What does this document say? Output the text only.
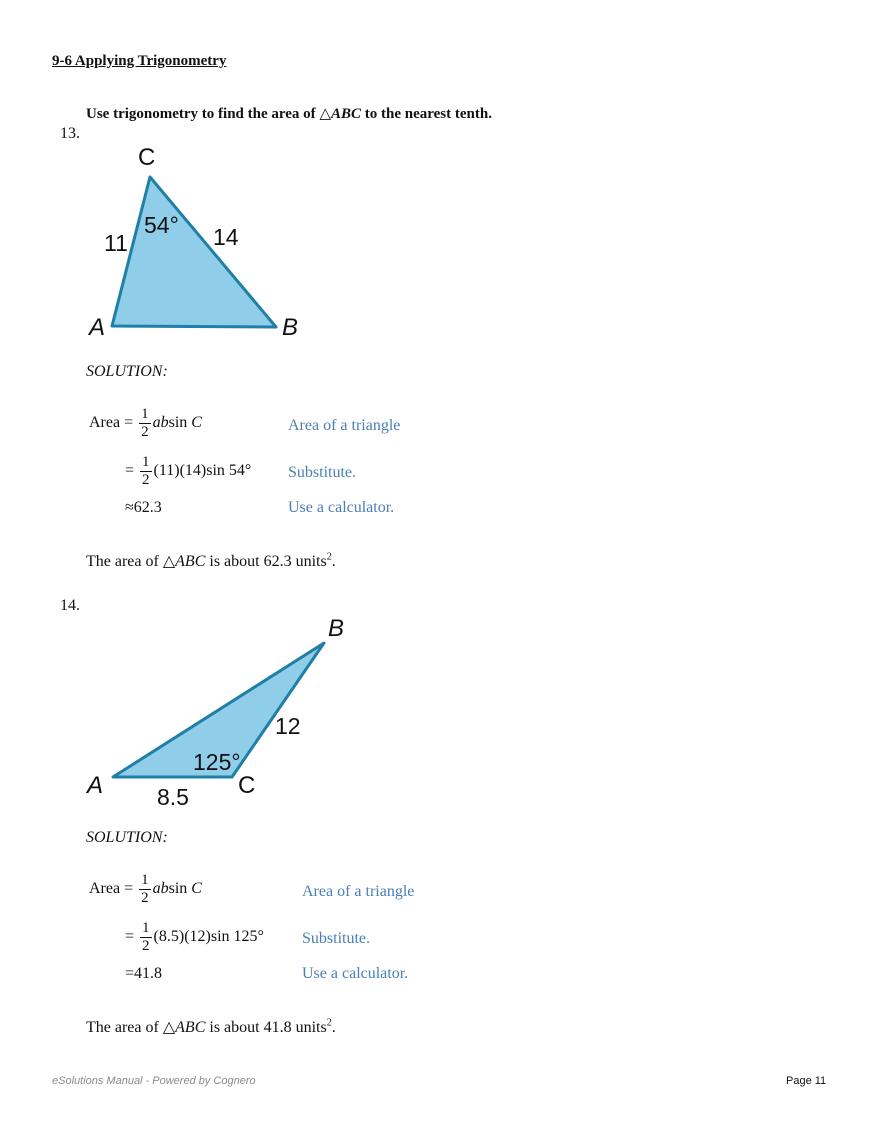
9-6 Applying Trigonometry
Use trigonometry to find the area of △ABC to the nearest tenth.
13.
C
A	B
11	14
54°
SOLUTION:
Area = $\frac{1}{2}$ absin C	Area of a triangle
= $\frac{1}{2} (11)(14)\sin$ 54° Substitute.
≈62.3	Use a calculator.
The area of △ABC is about 62.3 units$^2$.
14.
B
A	C
8.5
12
125°
SOLUTION:
Area = $\frac{1}{2}$ absin C	Area of a triangle
= $\frac{1}{2} (8.5)(12)\sin$ 125° Substitute.
=41.8	Use a calculator.
The area of △ABC is about 41.8 units$^2$.
eSolutions Manual - Powered by Cognero	Page 11
